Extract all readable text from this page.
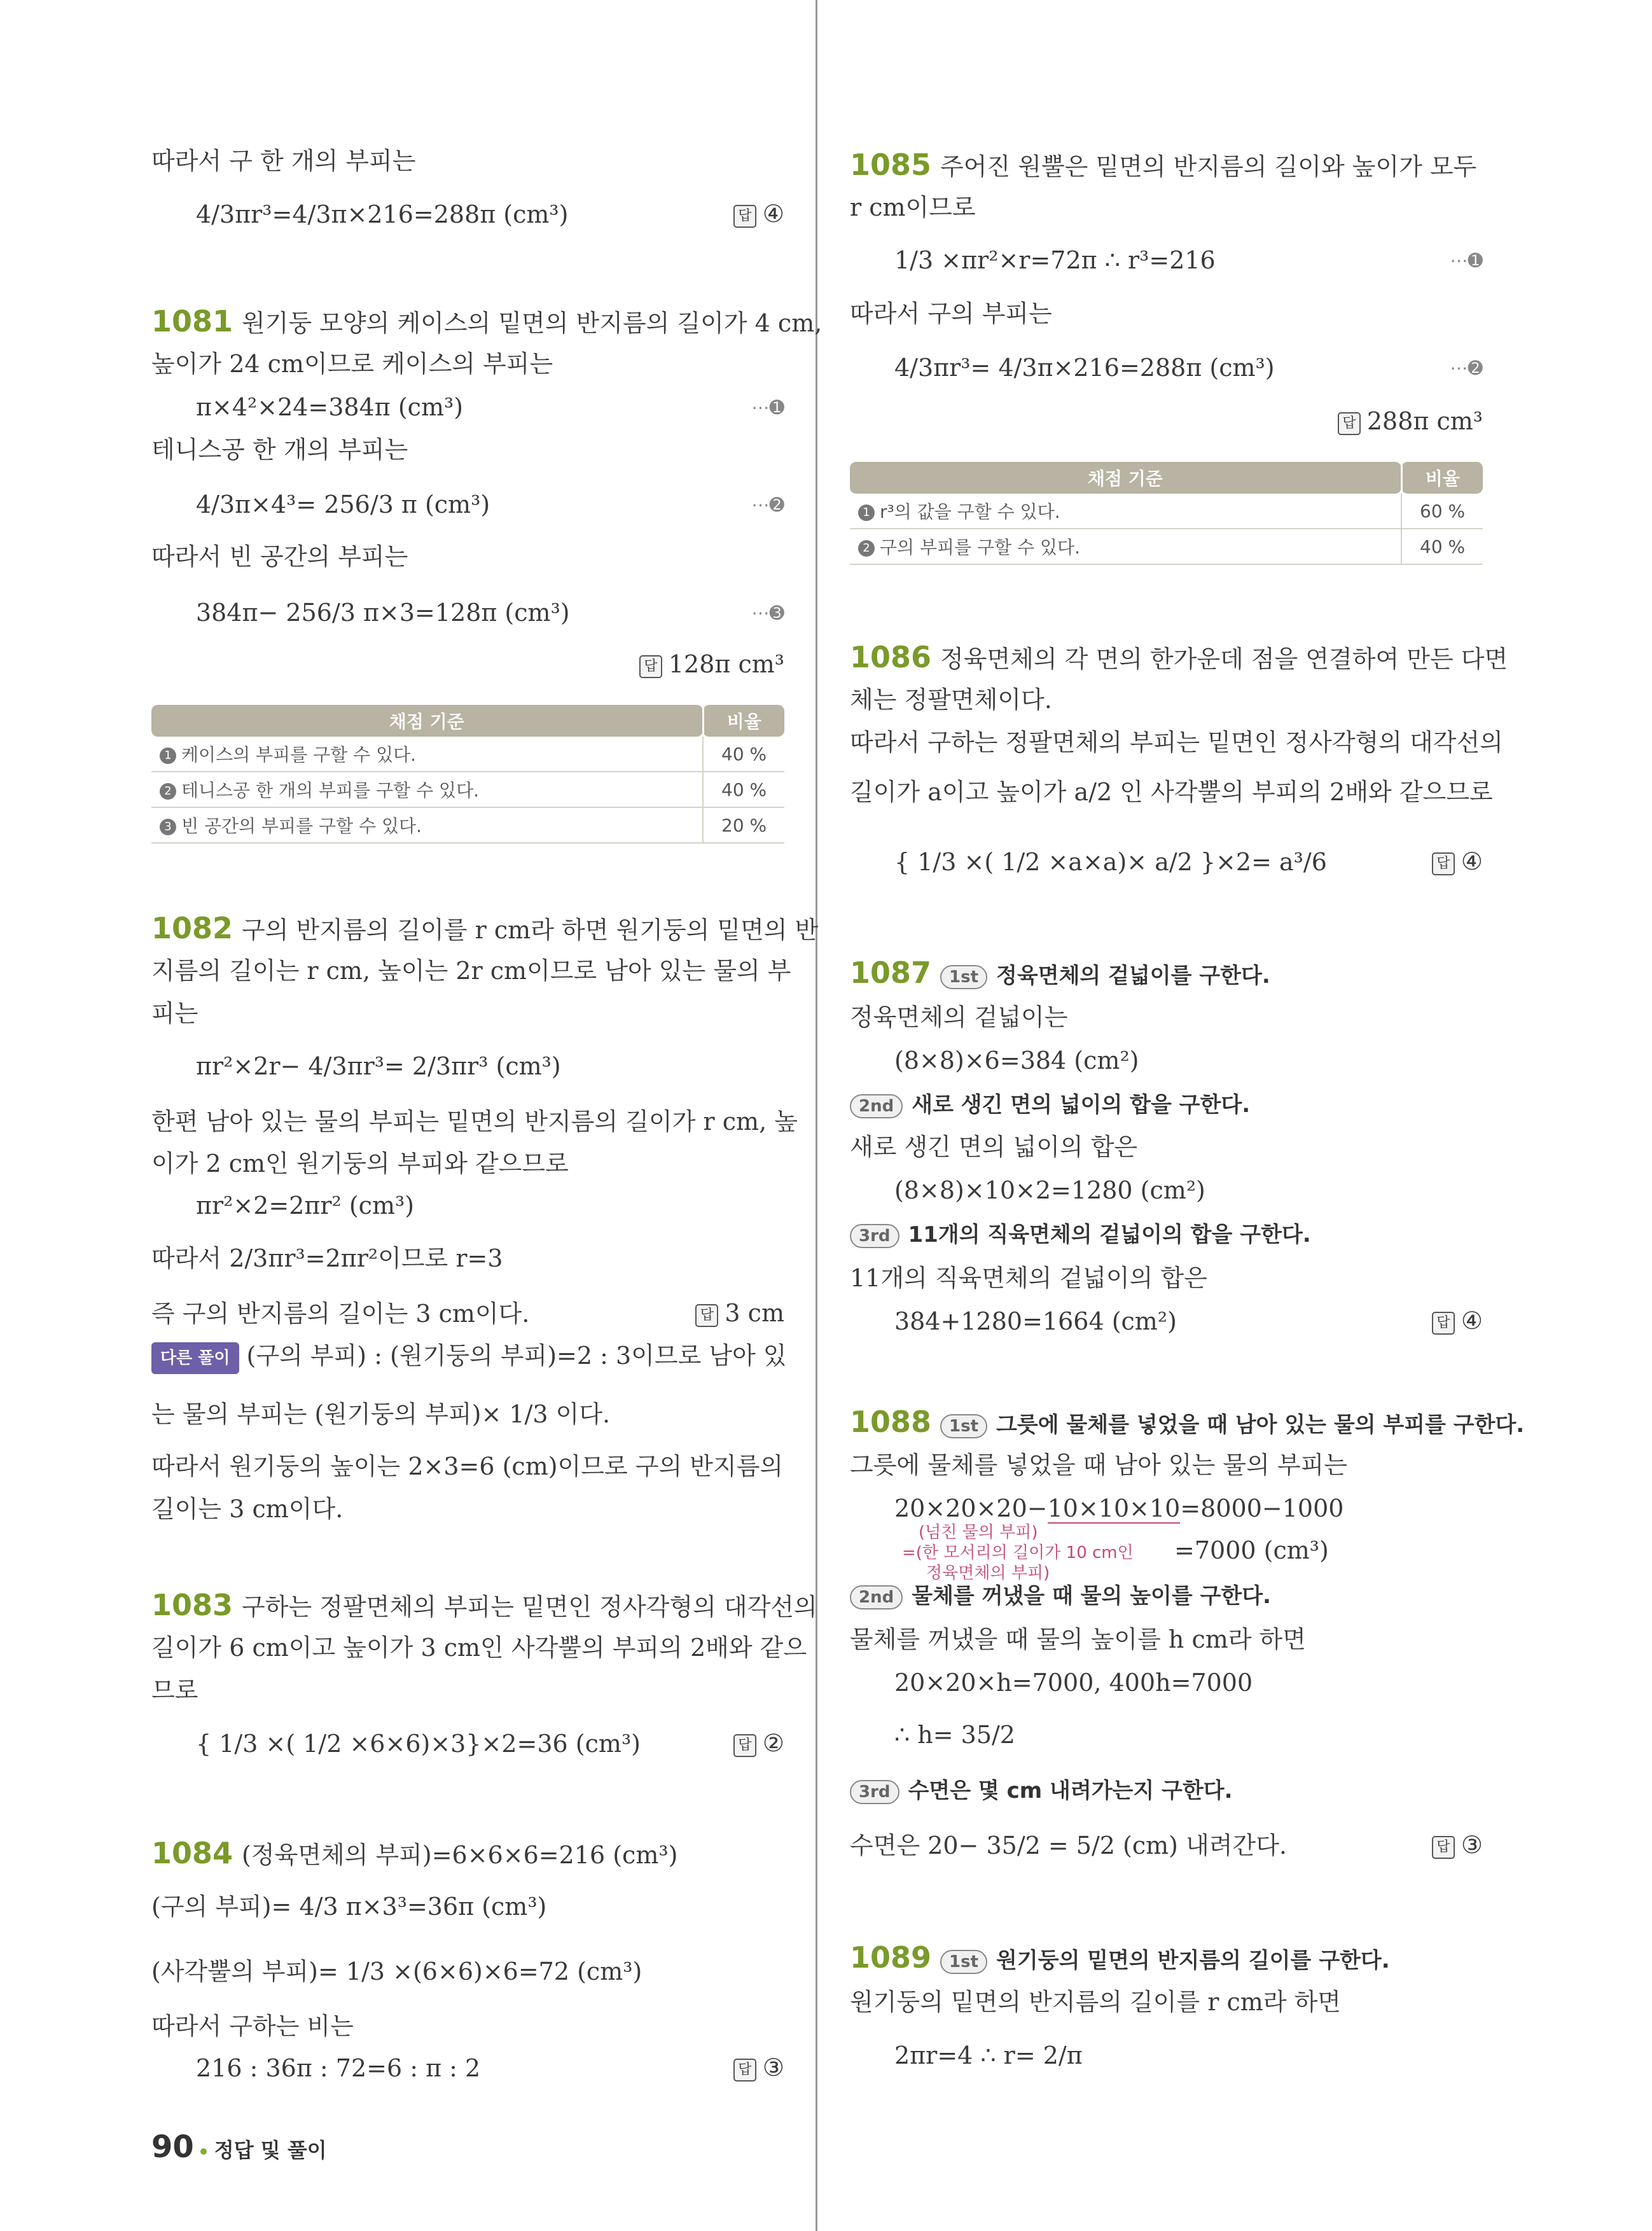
따라서 구 한 개의 부피는
4/3πr³=4/3π×216=288π (cm³)	답 ④
1081 원기둥 모양의 케이스의 밑면의 반지름의 길이가 4 cm,
높이가 24 cm이므로 케이스의 부피는
π×4²×24=384π (cm³)	⋯➊
테니스공 한 개의 부피는
4/3π×4³= 256/3 π (cm³)	⋯➋
따라서 빈 공간의 부피는
384π− 256/3 π×3=128π (cm³)	⋯➌
답 128π cm³
채점 기준	비율
1 케이스의 부피를 구할 수 있다.	40 %
2 테니스공 한 개의 부피를 구할 수 있다.	40 %
3 빈 공간의 부피를 구할 수 있다.	20 %
1082 구의 반지름의 길이를 r cm라 하면 원기둥의 밑면의 반
지름의 길이는 r cm, 높이는 2r cm이므로 남아 있는 물의 부
피는
πr²×2r− 4/3πr³= 2/3πr³ (cm³)
한편 남아 있는 물의 부피는 밑면의 반지름의 길이가 r cm, 높
이가 2 cm인 원기둥의 부피와 같으므로
πr²×2=2πr² (cm³)
따라서 2/3πr³=2πr²이므로 r=3
즉 구의 반지름의 길이는 3 cm이다.	답 3 cm
다른 풀이 (구의 부피) : (원기둥의 부피)=2 : 3이므로 남아 있
는 물의 부피는 (원기둥의 부피)× 1/3 이다.
따라서 원기둥의 높이는 2×3=6 (cm)이므로 구의 반지름의
길이는 3 cm이다.
1083 구하는 정팔면체의 부피는 밑면인 정사각형의 대각선의
길이가 6 cm이고 높이가 3 cm인 사각뿔의 부피의 2배와 같으
므로
{ 1/3 ×( 1/2 ×6×6)×3}×2=36 (cm³)	답 ②
1084 (정육면체의 부피)=6×6×6=216 (cm³)
(구의 부피)= 4/3 π×3³=36π (cm³)
(사각뿔의 부피)= 1/3 ×(6×6)×6=72 (cm³)
따라서 구하는 비는
216 : 36π : 72=6 : π : 2	답 ③
90 정답 및 풀이
1085 주어진 원뿔은 밑면의 반지름의 길이와 높이가 모두
r cm이므로
1/3 ×πr²×r=72π ∴ r³=216	⋯➊
따라서 구의 부피는
4/3πr³= 4/3π×216=288π (cm³)	⋯➋
답 288π cm³
채점 기준	비율
1 r³의 값을 구할 수 있다.	60 %
2 구의 부피를 구할 수 있다.	40 %
1086 정육면체의 각 면의 한가운데 점을 연결하여 만든 다면
체는 정팔면체이다.
따라서 구하는 정팔면체의 부피는 밑면인 정사각형의 대각선의
길이가 a이고 높이가 a/2 인 사각뿔의 부피의 2배와 같으므로
{ 1/3 ×( 1/2 ×a×a)× a/2 }×2= a³/6	답 ④
1087 1st 정육면체의 겉넓이를 구한다.
정육면체의 겉넓이는
(8×8)×6=384 (cm²)
2nd 새로 생긴 면의 넓이의 합을 구한다.
새로 생긴 면의 넓이의 합은
(8×8)×10×2=1280 (cm²)
3rd 11개의 직육면체의 겉넓이의 합을 구한다.
11개의 직육면체의 겉넓이의 합은
384+1280=1664 (cm²)	답 ④
1088 1st 그릇에 물체를 넣었을 때 남아 있는 물의 부피를 구한다.
그릇에 물체를 넣었을 때 남아 있는 물의 부피는
20×20×20−10×10×10=8000−1000
(넘친 물의 부피)
=(한 모서리의 길이가 10 cm인 =7000 (cm³)
정육면체의 부피)
2nd 물체를 꺼냈을 때 물의 높이를 구한다.
물체를 꺼냈을 때 물의 높이를 h cm라 하면
20×20×h=7000, 400h=7000
∴ h= 35/2
3rd 수면은 몇 cm 내려가는지 구한다.
수면은 20− 35/2 = 5/2 (cm) 내려간다.	답 ③
1089 1st 원기둥의 밑면의 반지름의 길이를 구한다.
원기둥의 밑면의 반지름의 길이를 r cm라 하면
2πr=4 ∴ r= 2/π
